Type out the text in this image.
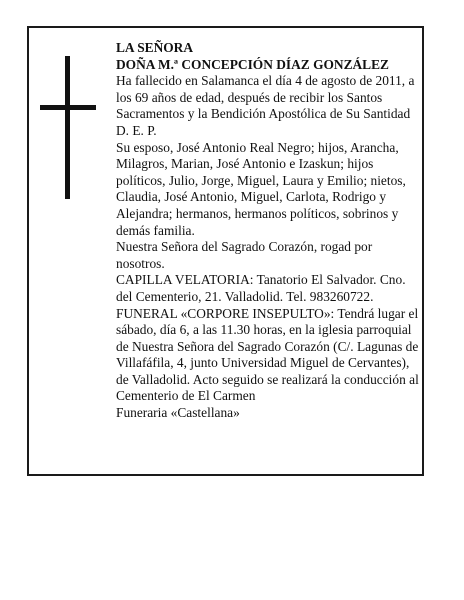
LA SEÑORA

DOÑA M.ª CONCEPCIÓN DÍAZ GONZÁLEZ

Ha fallecido en Salamanca el día 4 de agosto de 2011, a los 69 años de edad, después de recibir los Santos Sacramentos y la Bendición Apostólica de Su Santidad D. E. P.

Su esposo, José Antonio Real Negro; hijos, Arancha, Milagros, Marian, José Antonio e Izaskun; hijos políticos, Julio, Jorge, Miguel, Laura y Emilio; nietos, Claudia, José Antonio, Miguel, Carlota, Rodrigo y Alejandra; hermanos, hermanos políticos, sobrinos y demás familia.

Nuestra Señora del Sagrado Corazón, rogad por nosotros.

CAPILLA VELATORIA: Tanatorio El Salvador. Cno. del Cementerio, 21. Valladolid. Tel. 983260722.

FUNERAL «CORPORE INSEPULTO»: Tendrá lugar el sábado, día 6, a las 11.30 horas, en la iglesia parroquial de Nuestra Señora del Sagrado Corazón (C/. Lagunas de Villafáfila, 4, junto Universidad Miguel de Cervantes), de Valladolid. Acto seguido se realizará la conducción al Cementerio de El Carmen

Funeraria «Castellana»
